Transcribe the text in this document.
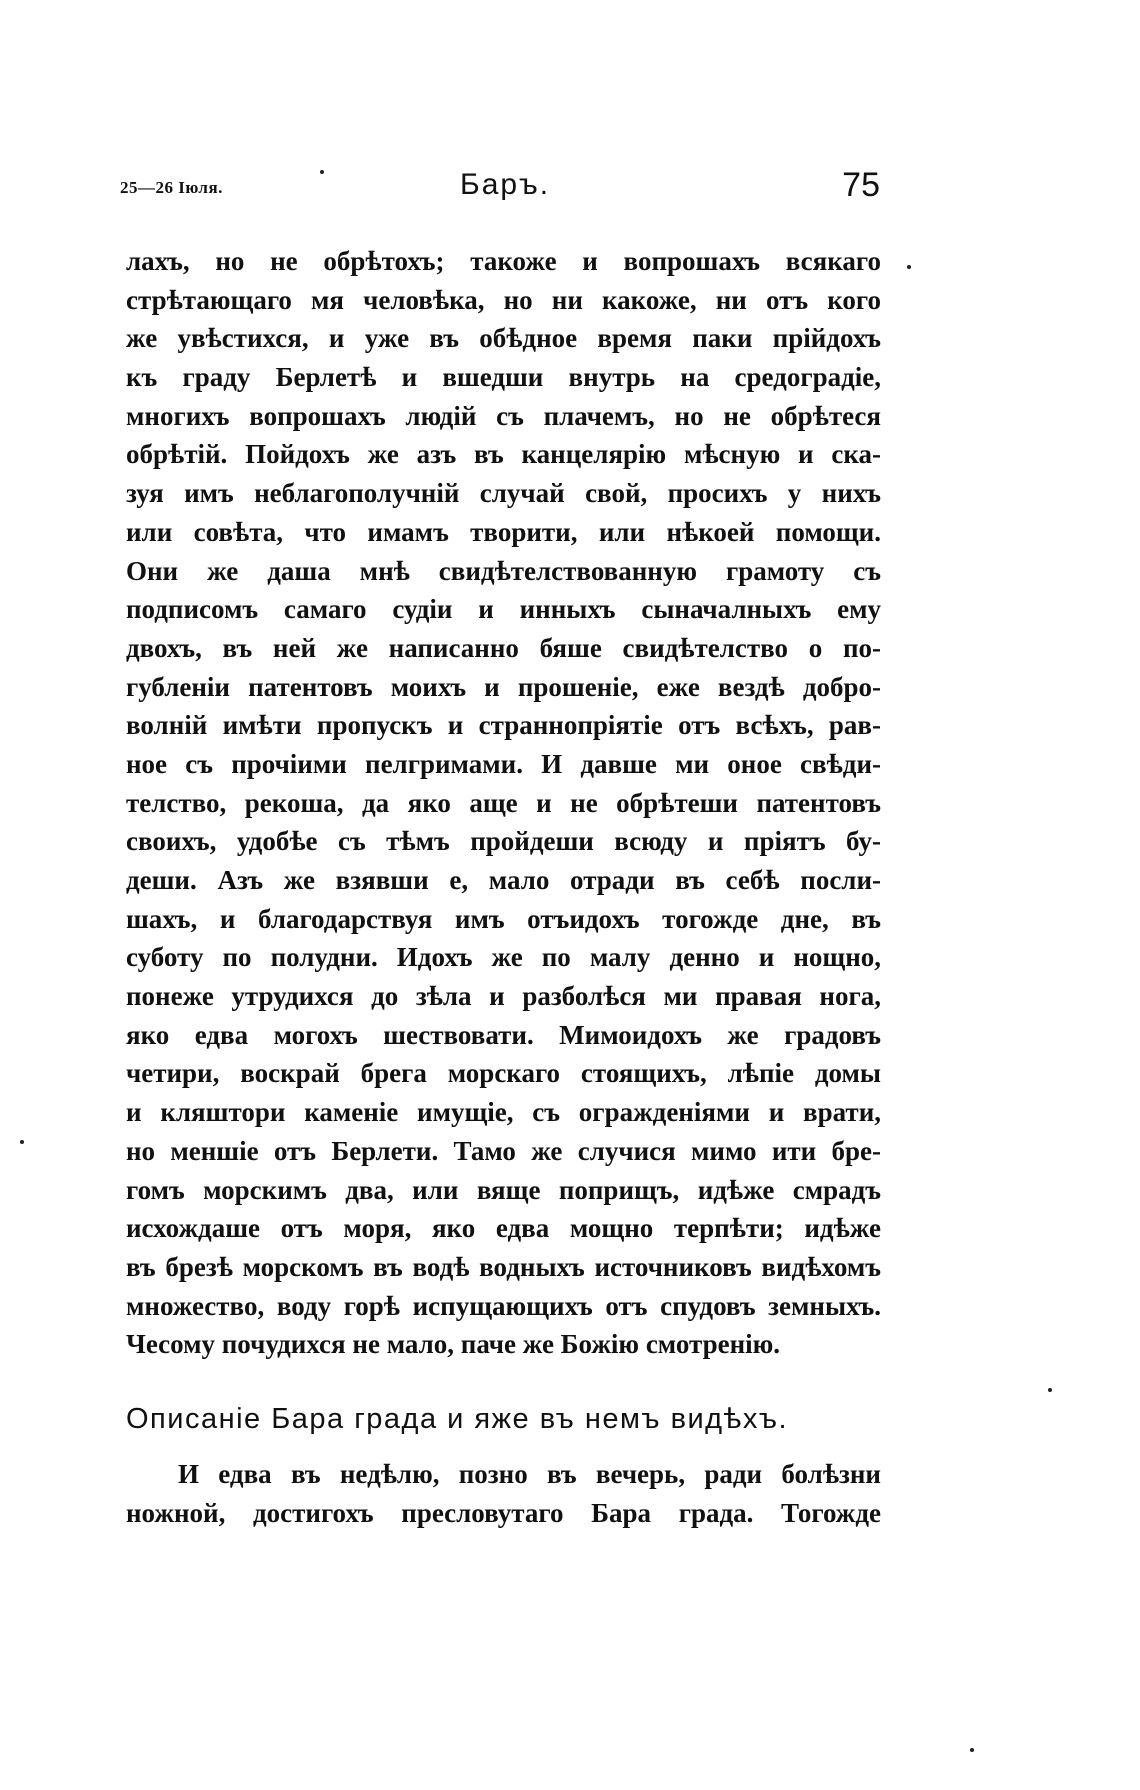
25—26 Іюля.	Баръ.	75
лахъ, но не обрѣтохъ; такоже и вопрошахъ всякаго
стрѣтающаго мя человѣка, но ни какоже, ни отъ кого
же увѣстихся, и уже въ обѣдное время паки прійдохъ
къ граду Берлетѣ и вшедши внутрь на средоградіе,
многихъ вопрошахъ людій съ плачемъ, но не обрѣтеся
обрѣтій. Пойдохъ же азъ въ канцелярію мѣсную и ска-
зуя имъ неблагополучній случай свой, просихъ у нихъ
или совѣта, что имамъ творити, или нѣкоей помощи.
Они же даша мнѣ свидѣтелствованную грамоту съ
подписомъ самаго судіи и инныхъ сыначалныхъ ему
двохъ, въ ней же написанно бяше свидѣтелство о по-
губленіи патентовъ моихъ и прошеніе, еже вездѣ добро-
волній имѣти пропускъ и страннопріятіе отъ всѣхъ, рав-
ное съ прочіими пелгримами. И давше ми оное свѣди-
телство, рекоша, да яко аще и не обрѣтеши патентовъ
своихъ, удобѣе съ тѣмъ пройдеши всюду и пріятъ бу-
деши. Азъ же взявши е, мало отради въ себѣ посли-
шахъ, и благодарствуя имъ отъидохъ тогожде дне, въ
суботу по полудни. Идохъ же по малу денно и нощно,
понеже утрудихся до зѣла и разболѣся ми правая нога,
яко едва могохъ шествовати. Мимоидохъ же градовъ
четири, воскрай брега морскаго стоящихъ, лѣпіе домы
и кляштори каменіе имущіе, съ огражденіями и врати,
но меншіе отъ Берлети. Тамо же случися мимо ити бре-
гомъ морскимъ два, или вяще поприщъ, идѣже смрадъ
исхождаше отъ моря, яко едва мощно терпѣти; идѣже
въ брезѣ морскомъ въ водѣ водныхъ источниковъ видѣхомъ
множество, воду горѣ испущающихъ отъ спудовъ земныхъ.
Чесому почудихся не мало, паче же Божію смотренію.
Описаніе Бара града и яже въ немъ видѣхъ.
И едва въ недѣлю, позно въ вечерь, ради болѣзни
ножной, достигохъ пресловутаго Бара града. Тогожде
